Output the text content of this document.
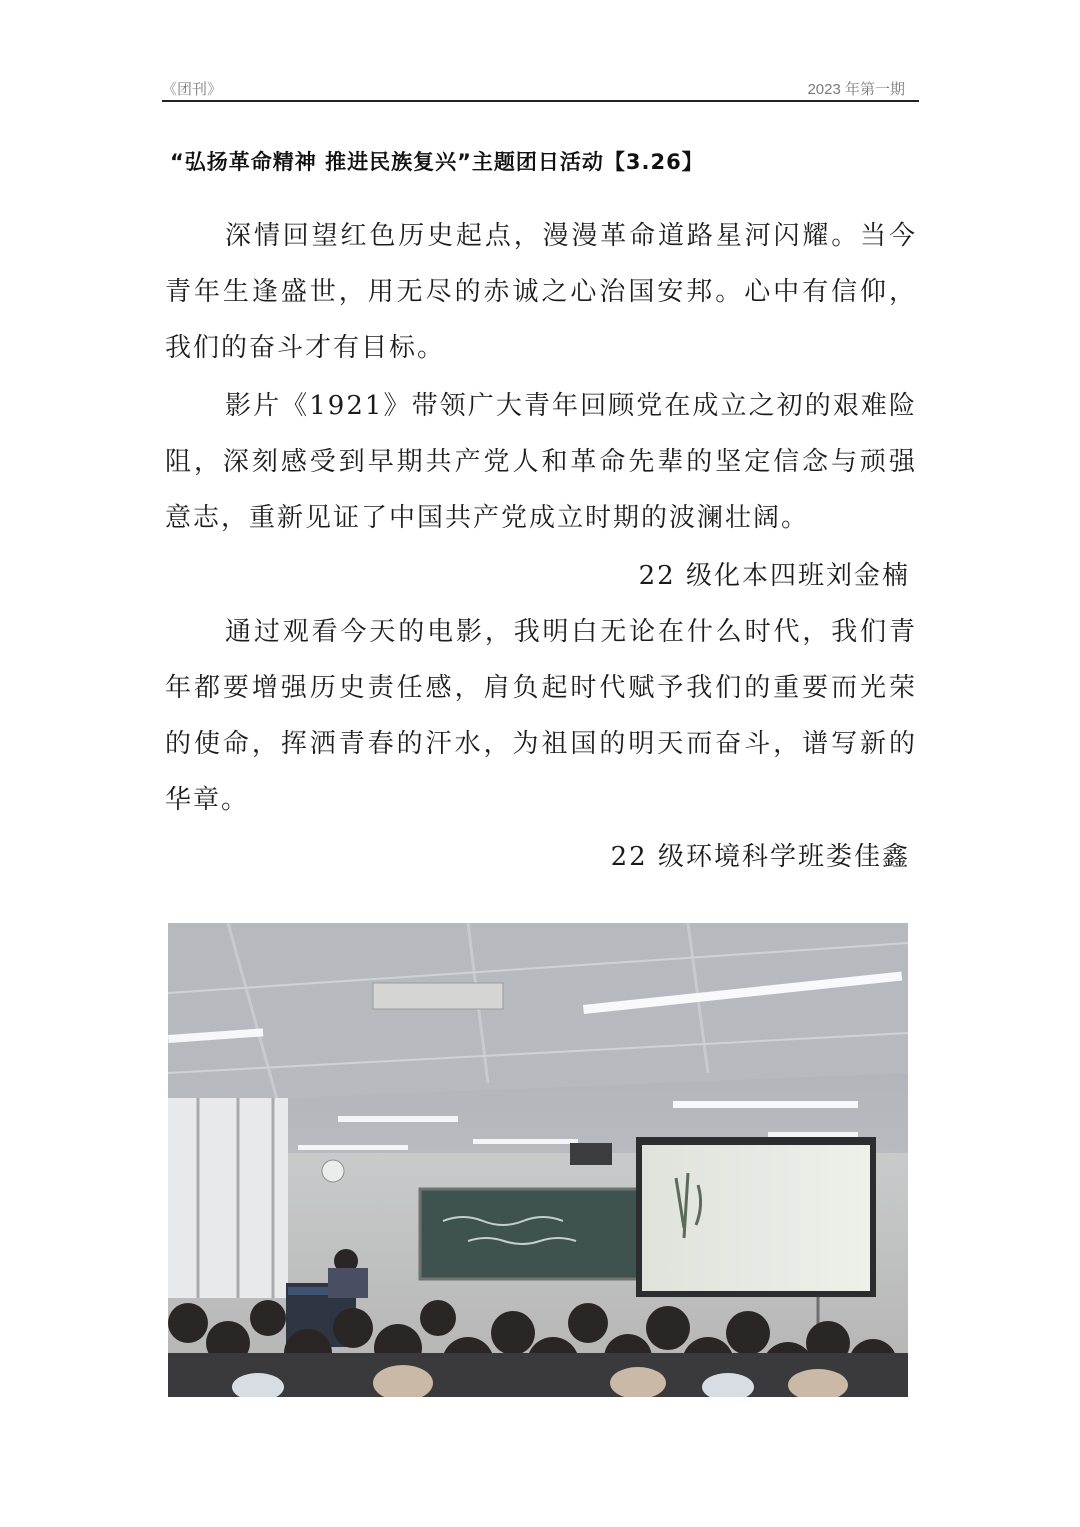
《团刊》	2023 年第一期
“弘扬革命精神 推进民族复兴”主题团日活动【3.26】

深情回望红色历史起点，漫漫革命道路星河闪耀。当今青年生逢盛世，用无尽的赤诚之心治国安邦。心中有信仰，我们的奋斗才有目标。

影片《1921》带领广大青年回顾党在成立之初的艰难险阻，深刻感受到早期共产党人和革命先辈的坚定信念与顽强意志，重新见证了中国共产党成立时期的波澜壮阔。

22 级化本四班刘金楠

通过观看今天的电影，我明白无论在什么时代，我们青年都要增强历史责任感，肩负起时代赋予我们的重要而光荣的使命，挥洒青春的汗水，为祖国的明天而奋斗，谱写新的华章。

22 级环境科学班娄佳鑫
